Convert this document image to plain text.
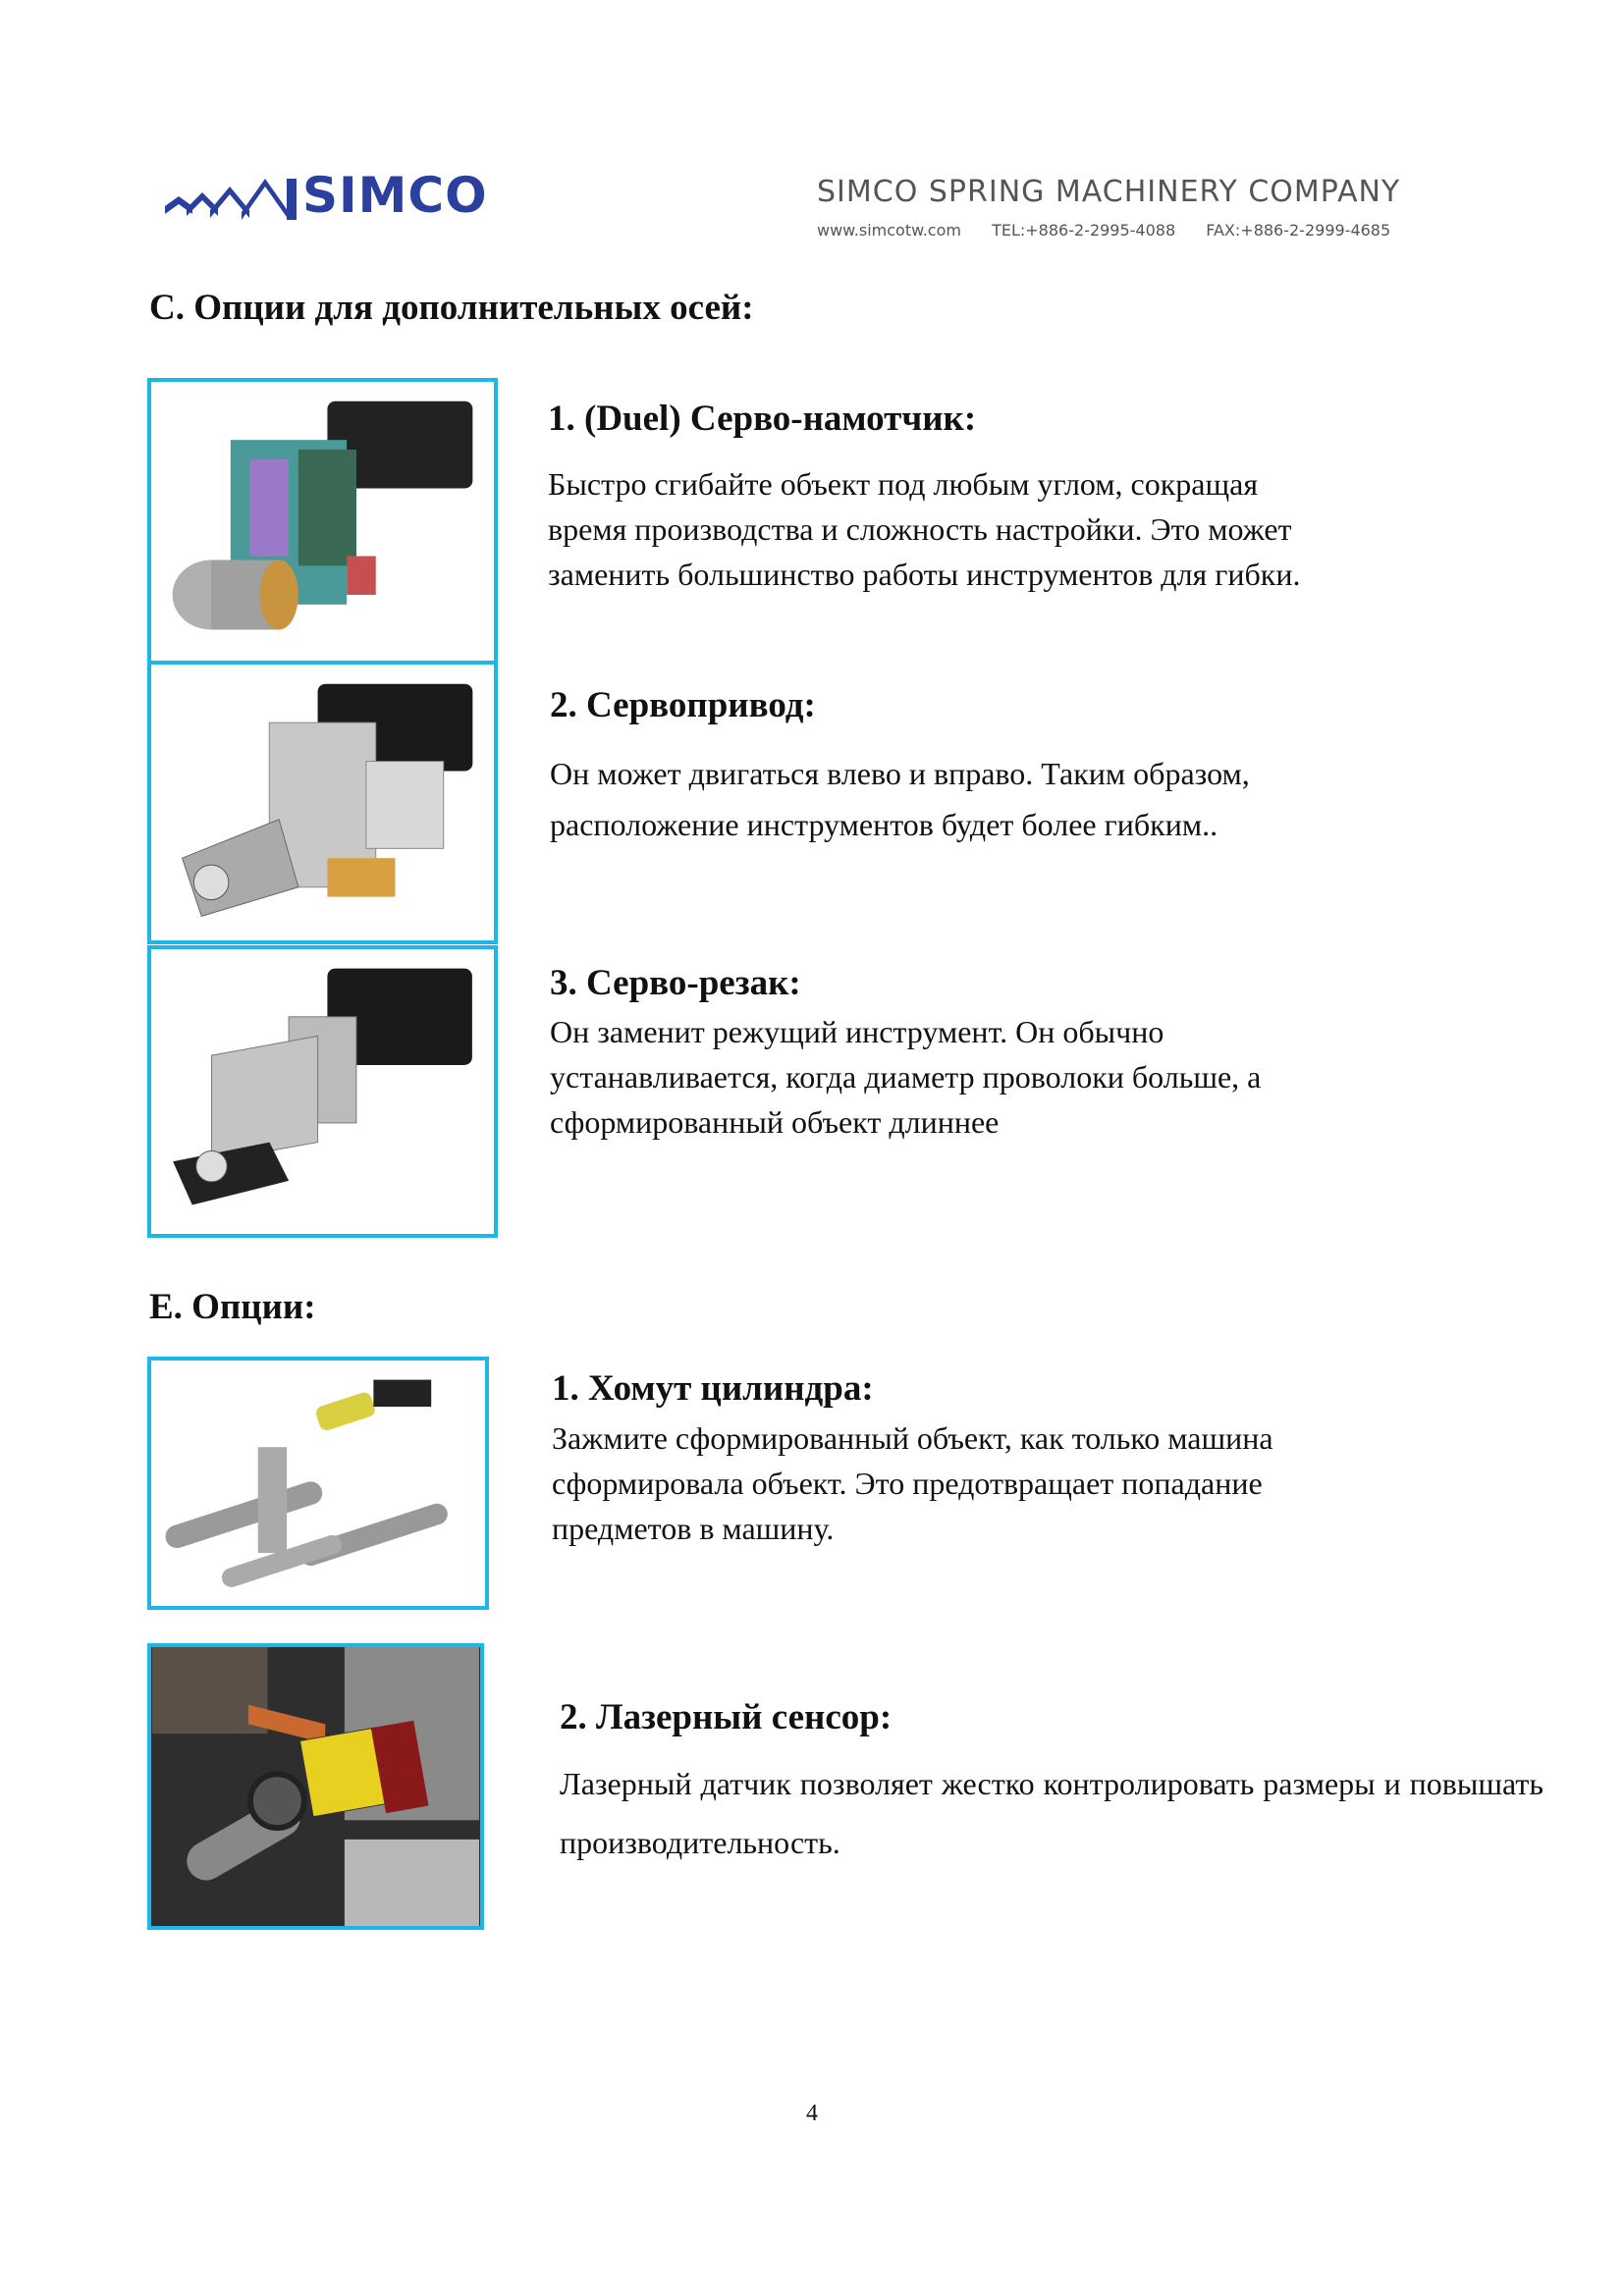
SIMCO	SIMCO SPRING MACHINERY COMPANY
www.simcotw.com TEL:+886-2-2995-4088 FAX:+886-2-2999-4685
C. Опции для дополнительных осей:
1. (Duel) Серво-намотчик:
Быстро сгибайте объект под любым углом, сокращая
время производства и сложность настройки. Это может
заменить большинство работы инструментов для гибки.
2. Сервопривод:
Он может двигаться влево и вправо. Таким образом,
расположение инструментов будет более гибким..
3. Серво-резак:
Он заменит режущий инструмент. Он обычно
устанавливается, когда диаметр проволоки больше, а
сформированный объект длиннее
E. Опции:
1. Хомут цилиндра:
Зажмите сформированный объект, как только машина
сформировала объект. Это предотвращает попадание
предметов в машину.
2. Лазерный сенсор:
Лазерный датчик позволяет жестко контролировать размеры и повышать производительность.
4
